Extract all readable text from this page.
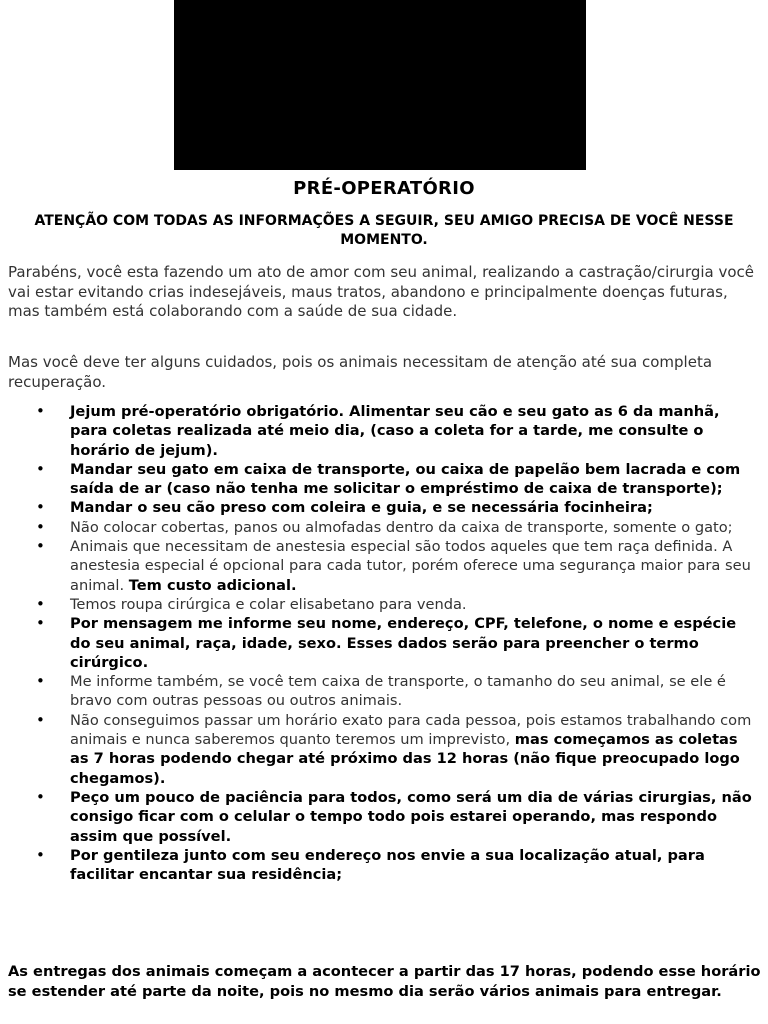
PRÉ-OPERATÓRIO
ATENÇÃO COM TODAS AS INFORMAÇÕES A SEGUIR, SEU AMIGO PRECISA DE VOCÊ NESSE MOMENTO.

Parabéns, você esta fazendo um ato de amor com seu animal, realizando a castração/cirurgia você vai estar evitando crias indesejáveis, maus tratos, abandono e principalmente doenças futuras, mas também está colaborando com a saúde de sua cidade.

Mas você deve ter alguns cuidados, pois os animais necessitam de atenção até sua completa recuperação.

• Jejum pré-operatório obrigatório. Alimentar seu cão e seu gato as 6 da manhã, para coletas realizada até meio dia, (caso a coleta for a tarde, me consulte o horário de jejum).
• Mandar seu gato em caixa de transporte, ou caixa de papelão bem lacrada e com saída de ar (caso não tenha me solicitar o empréstimo de caixa de transporte);
• Mandar o seu cão preso com coleira e guia, e se necessária focinheira;
• Não colocar cobertas, panos ou almofadas dentro da caixa de transporte, somente o gato;
• Animais que necessitam de anestesia especial são todos aqueles que tem raça definida. A anestesia especial é opcional para cada tutor, porém oferece uma segurança maior para seu animal. Tem custo adicional.
• Temos roupa cirúrgica e colar elisabetano para venda.
• Por mensagem me informe seu nome, endereço, CPF, telefone, o nome e espécie do seu animal, raça, idade, sexo. Esses dados serão para preencher o termo cirúrgico.
• Me informe também, se você tem caixa de transporte, o tamanho do seu animal, se ele é bravo com outras pessoas ou outros animais.
• Não conseguimos passar um horário exato para cada pessoa, pois estamos trabalhando com animais e nunca saberemos quanto teremos um imprevisto, mas começamos as coletas as 7 horas podendo chegar até próximo das 12 horas (não fique preocupado logo chegamos).
• Peço um pouco de paciência para todos, como será um dia de várias cirurgias, não consigo ficar com o celular o tempo todo pois estarei operando, mas respondo assim que possível.
• Por gentileza junto com seu endereço nos envie a sua localização atual, para facilitar encantar sua residência;
As entregas dos animais começam a acontecer a partir das 17 horas, podendo esse horário se estender até parte da noite, pois no mesmo dia serão vários animais para entregar.
